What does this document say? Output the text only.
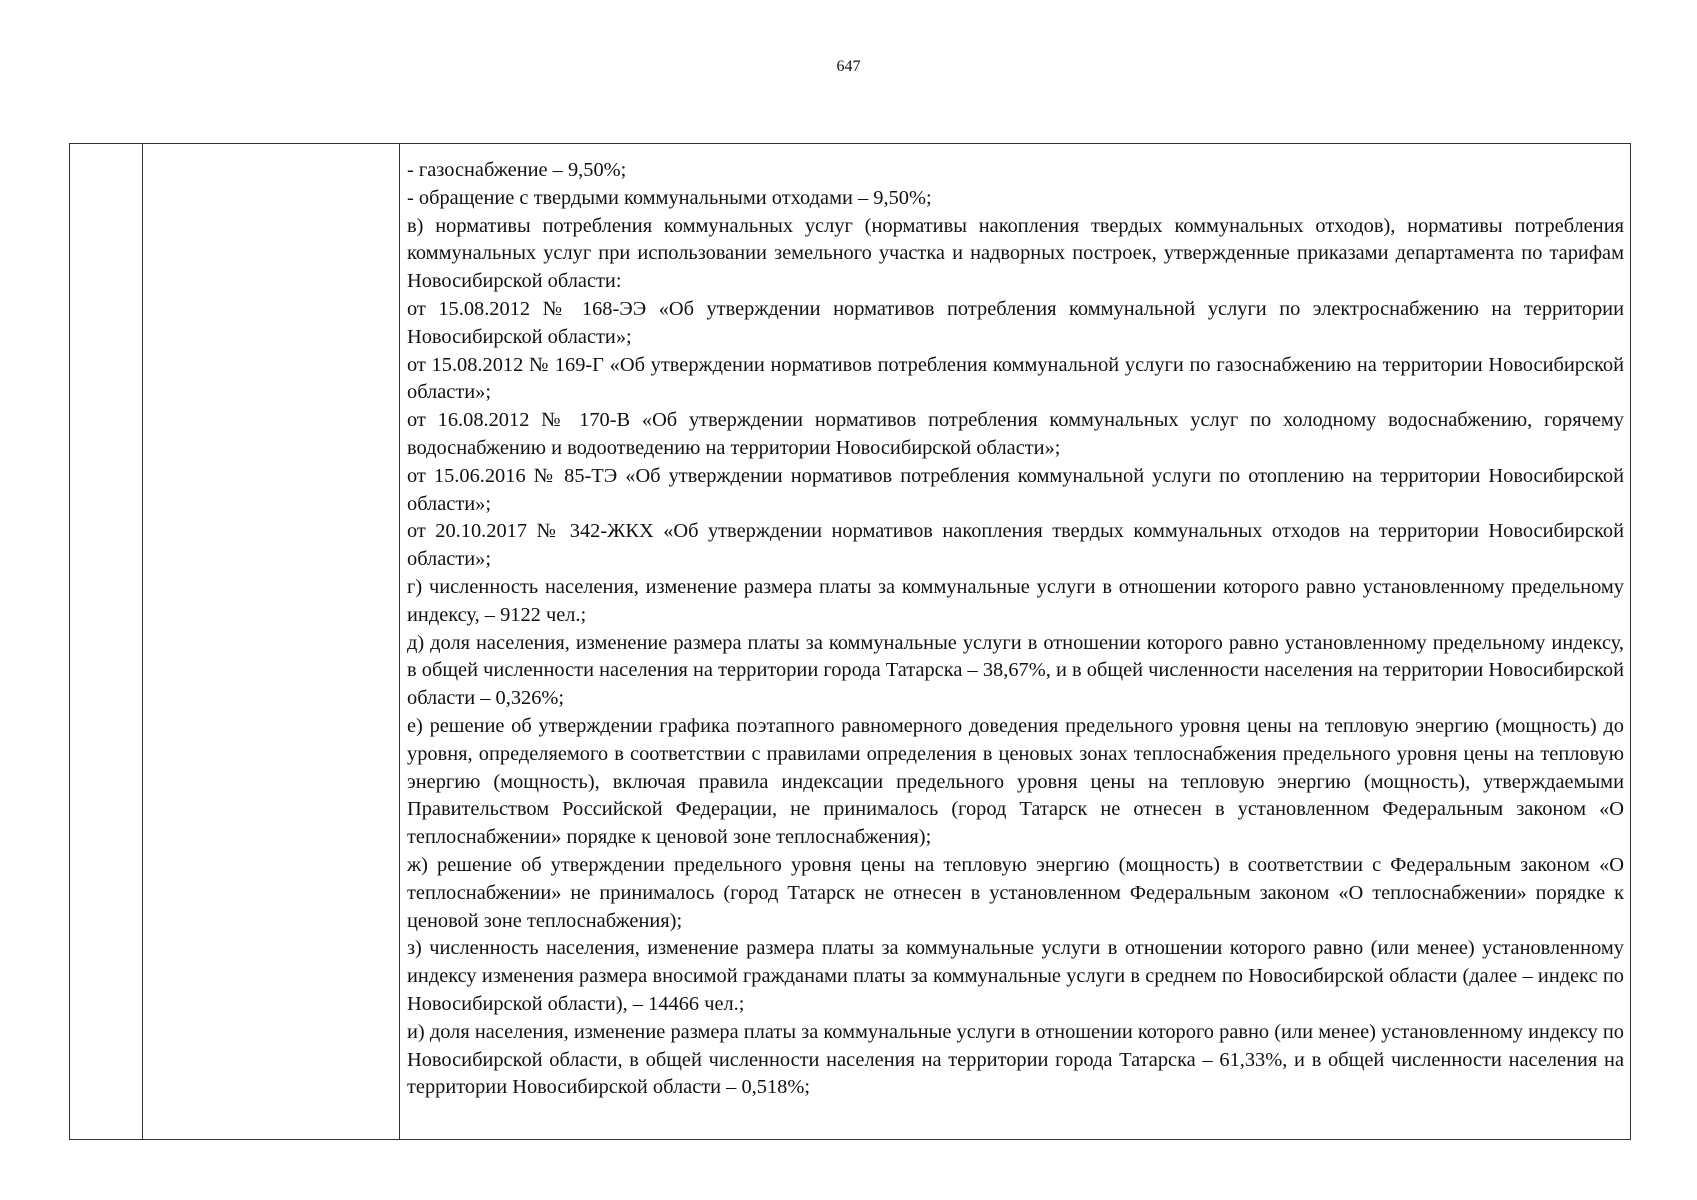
647

- газоснабжение – 9,50%;

- обращение с твердыми коммунальными отходами – 9,50%;

в) нормативы потребления коммунальных услуг (нормативы накопления твердых коммунальных отходов), нормативы потребления коммунальных услуг при использовании земельного участка и надворных построек, утвержденные приказами департамента по тарифам Новосибирской области:

от 15.08.2012 № 168-ЭЭ «Об утверждении нормативов потребления коммунальной услуги по электроснабжению на территории Новосибирской области»;

от 15.08.2012 № 169-Г «Об утверждении нормативов потребления коммунальной услуги по газоснабжению на территории Новосибирской области»;

от 16.08.2012 № 170-В «Об утверждении нормативов потребления коммунальных услуг по холодному водоснабжению, горячему водоснабжению и водоотведению на территории Новосибирской области»;

от 15.06.2016 № 85-ТЭ «Об утверждении нормативов потребления коммунальной услуги по отоплению на территории Новосибирской области»;

от 20.10.2017 № 342-ЖКХ «Об утверждении нормативов накопления твердых коммунальных отходов на территории Новосибирской области»;

г) численность населения, изменение размера платы за коммунальные услуги в отношении которого равно установленному предельному индексу, – 9122 чел.;

д) доля населения, изменение размера платы за коммунальные услуги в отношении которого равно установленному предельному индексу, в общей численности населения на территории города Татарска – 38,67%, и в общей численности населения на территории Новосибирской области – 0,326%;

е) решение об утверждении графика поэтапного равномерного доведения предельного уровня цены на тепловую энергию (мощность) до уровня, определяемого в соответствии с правилами определения в ценовых зонах теплоснабжения предельного уровня цены на тепловую энергию (мощность), включая правила индексации предельного уровня цены на тепловую энергию (мощность), утверждаемыми Правительством Российской Федерации, не принималось (город Татарск не отнесен в установленном Федеральным законом «О теплоснабжении» порядке к ценовой зоне теплоснабжения);

ж) решение об утверждении предельного уровня цены на тепловую энергию (мощность) в соответствии с Федеральным законом «О теплоснабжении» не принималось (город Татарск не отнесен в установленном Федеральным законом «О теплоснабжении» порядке к ценовой зоне теплоснабжения);

з) численность населения, изменение размера платы за коммунальные услуги в отношении которого равно (или менее) установленному индексу изменения размера вносимой гражданами платы за коммунальные услуги в среднем по Новосибирской области (далее – индекс по Новосибирской области), – 14466 чел.;

и) доля населения, изменение размера платы за коммунальные услуги в отношении которого равно (или менее) установленному индексу по Новосибирской области, в общей численности населения на территории города Татарска – 61,33%, и в общей численности населения на территории Новосибирской области – 0,518%;
